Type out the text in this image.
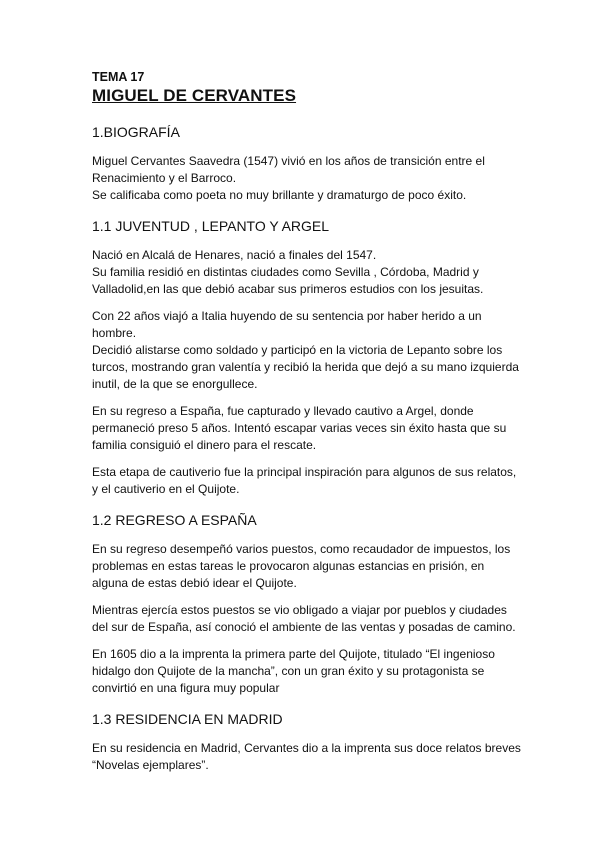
TEMA 17
MIGUEL DE CERVANTES
1.BIOGRAFÍA

Miguel Cervantes Saavedra (1547) vivió en los años de transición entre el
Renacimiento y el Barroco.
Se calificaba como poeta no muy brillante y dramaturgo de poco éxito.

1.1 JUVENTUD , LEPANTO Y ARGEL

Nació en Alcalá de Henares, nació a finales del 1547.
Su familia residió en distintas ciudades como Sevilla , Córdoba, Madrid y
Valladolid,en las que debió acabar sus primeros estudios con los jesuitas.

Con 22 años viajó a Italia huyendo de su sentencia por haber herido a un
hombre.
Decidió alistarse como soldado y participó en la victoria de Lepanto sobre los
turcos, mostrando gran valentía y recibió la herida que dejó a su mano izquierda
inutil, de la que se enorgullece.

En su regreso a España, fue capturado y llevado cautivo a Argel, donde
permaneció preso 5 años. Intentó escapar varias veces sin éxito hasta que su
familia consiguió el dinero para el rescate.

Esta etapa de cautiverio fue la principal inspiración para algunos de sus relatos,
y el cautiverio en el Quijote.

1.2 REGRESO A ESPAÑA

En su regreso desempeñó varios puestos, como recaudador de impuestos, los
problemas en estas tareas le provocaron algunas estancias en prisión, en
alguna de estas debió idear el Quijote.

Mientras ejercía estos puestos se vio obligado a viajar por pueblos y ciudades
del sur de España, así conoció el ambiente de las ventas y posadas de camino.

En 1605 dio a la imprenta la primera parte del Quijote, titulado “El ingenioso
hidalgo don Quijote de la mancha”, con un gran éxito y su protagonista se
convirtió en una figura muy popular

1.3 RESIDENCIA EN MADRID

En su residencia en Madrid, Cervantes dio a la imprenta sus doce relatos breves
“Novelas ejemplares”.
